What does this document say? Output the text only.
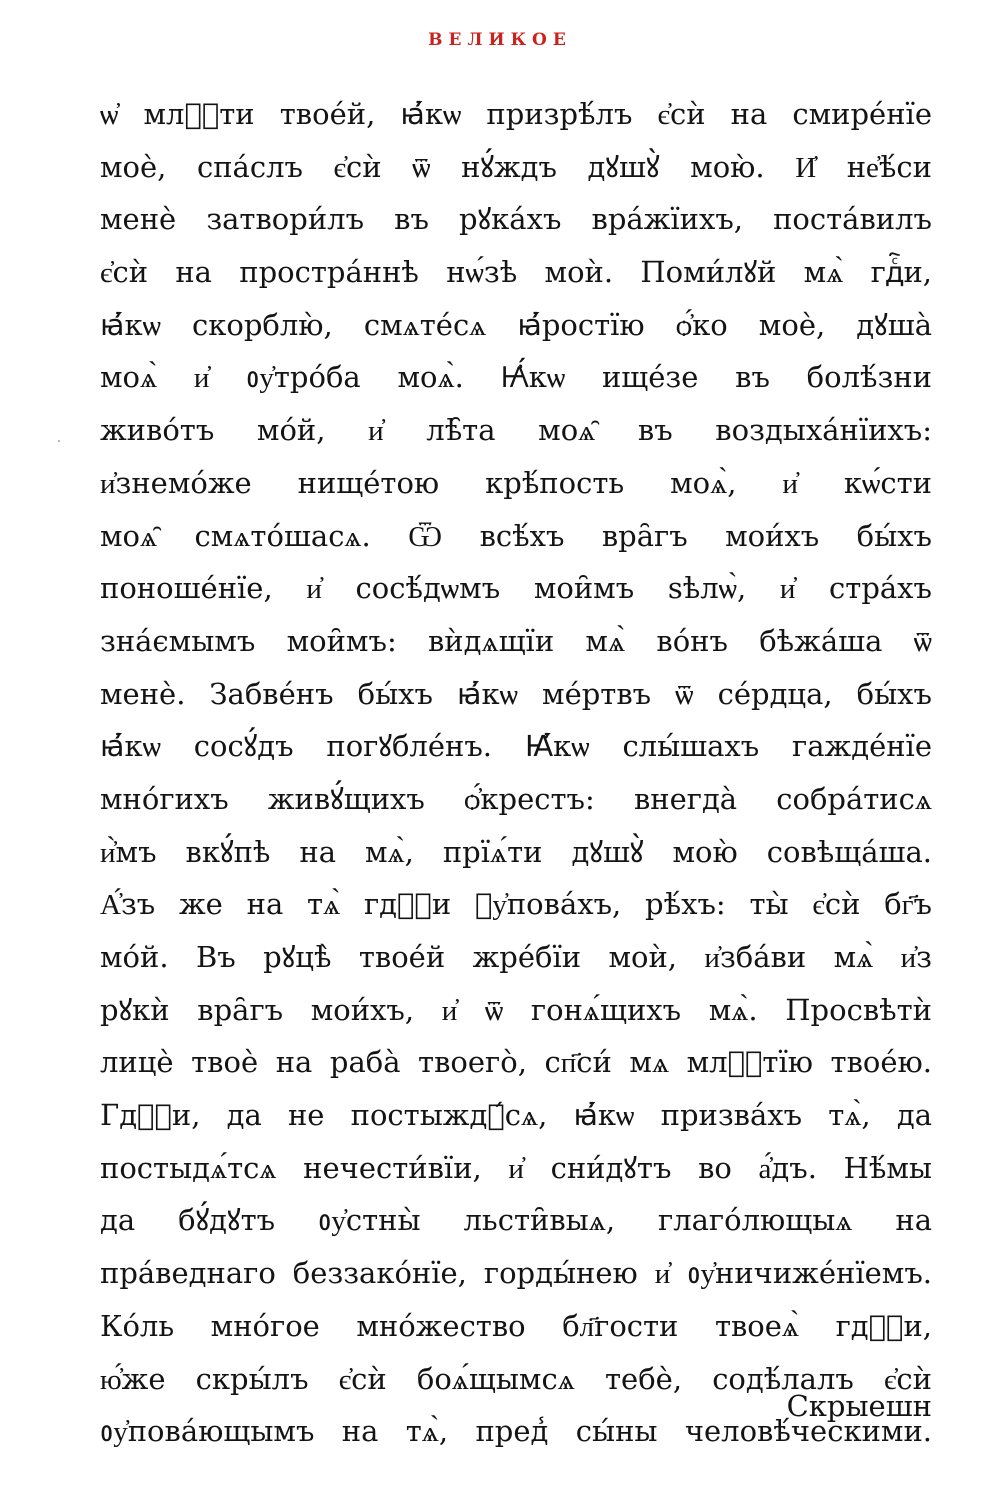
ВЕЛИКОЕ
ѡ҆ млⷭ҇ти твое́й, ꙗ҆́кѡ призрѣ́лъ є҆сѝ на смире́нїе
моѐ, спа́слъ є҆сѝ ѿ нꙋ́ждъ дꙋшꙋ̀ мою̀. И҆ не҆ѣ́си
менѐ затвори́лъ въ рꙋка́хъ вра́жїихъ, поста́вилъ
є҆сѝ на простра́ннѣ нѡ́зѣ моѝ. Поми́лꙋй мѧ̀ гдⷭ҇и,
ꙗ҆́кѡ скорблю̀, смѧте́сѧ ꙗ҆́ростїю ѻ҆́ко моѐ, дꙋша̀
моѧ̀ и҆ ᲂу҆тро́ба моѧ̀. Ꙗ҆́кѡ ище́зе въ болѣ́зни
живо́тъ мо́й, и҆ лѣ̑та моѧ̑ въ воздыха́нїихъ:
и҆знемо́же нище́тою крѣ́пость моѧ̀, и҆ кѡ́сти
моѧ̑ смѧто́шасѧ. Ѿ всѣ́хъ вра̑гъ мои́хъ бы́хъ
поноше́нїе, и҆ сосѣ́дѡмъ мои̑мъ ѕѣлѡ̀, и҆ стра́хъ
зна́ємымъ мои̑мъ: вѝдѧщїи мѧ̀ во́нъ бѣжа́ша ѿ
менѐ. Забве́нъ бы́хъ ꙗ҆́кѡ ме́ртвъ ѿ се́рдца, бы́хъ
ꙗ҆́кѡ сосꙋ́дъ погꙋбле́нъ. Ꙗ҆́кѡ слы́шахъ гажде́нїе
мно́гихъ живꙋ́щихъ ѻ҆́крестъ: внегда̀ собра́тисѧ
и҆̀мъ вкꙋ́пѣ на мѧ̀, прїѧ́ти дꙋшꙋ̀ мою̀ совѣща́ша.
А҆́зъ же на тѧ̀ гдⷭ҇и ᲂу҆пова́хъ, рѣ́хъ: ты̀ є҆сѝ бг҃ъ
мо́й. Въ рꙋцѣ̀ твое́й жре́бїи моѝ, и҆зба́ви мѧ̀ и҆з
рꙋкѝ вра̑гъ мои́хъ, и҆ ѿ гонѧ́щихъ мѧ̀. Просвѣтѝ
лицѐ твоѐ на раба̀ твоего̀, сп҃си́ мѧ млⷭ҇тїю твое́ю.
Гдⷭ҇и, да не постыждꙋ́сѧ, ꙗ҆́кѡ призва́хъ тѧ̀, да
постыдѧ́тсѧ нечести́вїи, и҆ сни́дꙋтъ во а҆́дъ. Нѣ́мы
да бꙋ́дꙋтъ ᲂу҆стны̀ льсти̑выѧ, глаго́лющыѧ на
пра́веднаго беззако́нїе, горды́нею и҆ ᲂу҆ничиже́нїемъ.
Ко́ль мно́гое мно́жество бл҃гости твоеѧ̀ гдⷭ҇и,
ю҆́же скры́лъ є҆сѝ боѧ́щымсѧ тебѐ, содѣ́лалъ є҆сѝ
ᲂу҆пова́ющымъ на тѧ̀, пред̾ сы́ны человѣ́ческими.
Скрыешн
